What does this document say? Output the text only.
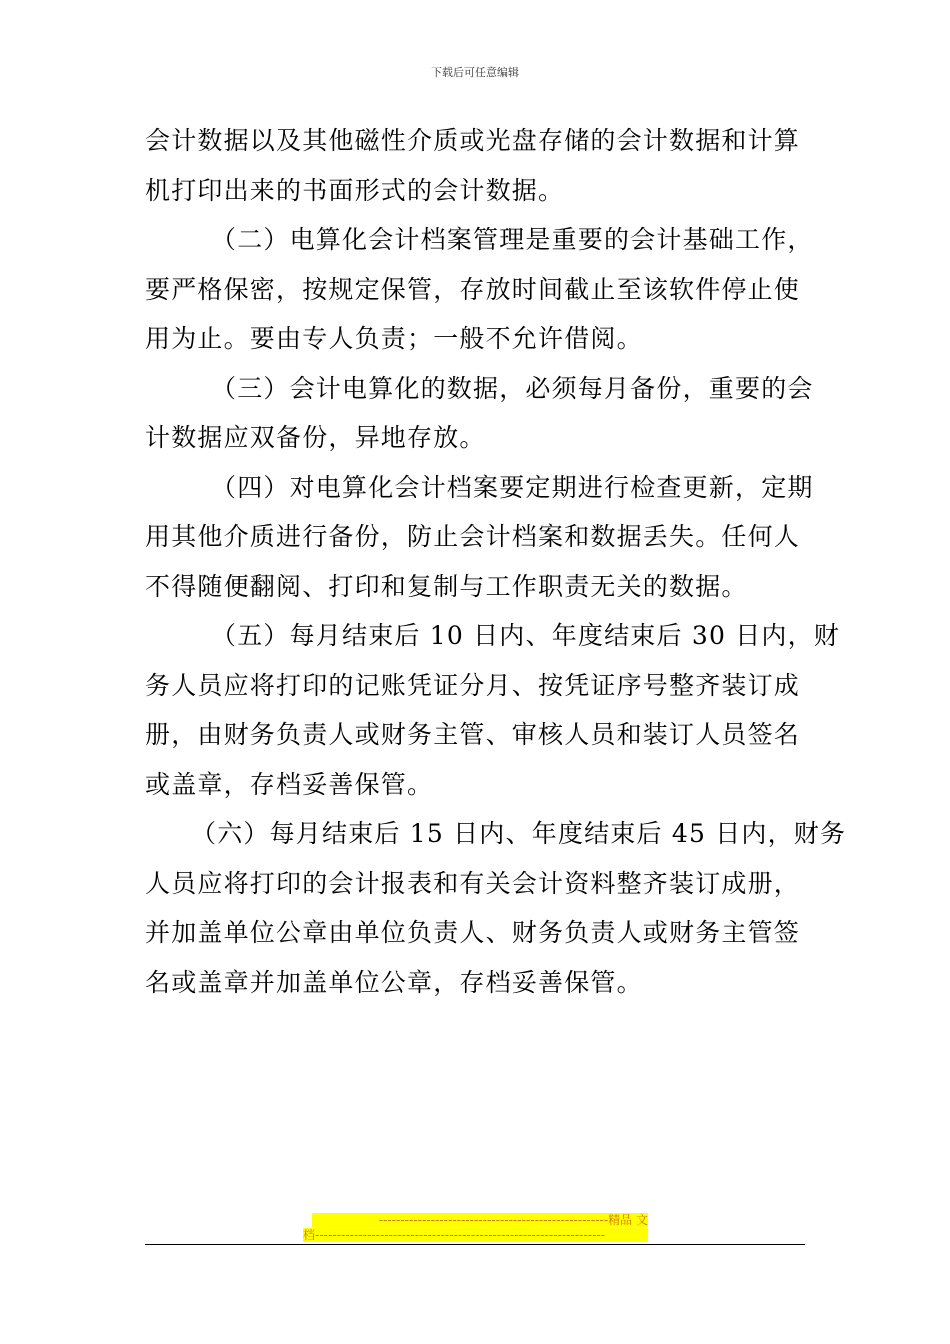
下载后可任意编辑
会计数据以及其他磁性介质或光盘存储的会计数据和计算
机打印出来的书面形式的会计数据。
（二）电算化会计档案管理是重要的会计基础工作，
要严格保密，按规定保管，存放时间截止至该软件停止使
用为止。要由专人负责；一般不允许借阅。
（三）会计电算化的数据，必须每月备份，重要的会
计数据应双备份，异地存放。
（四）对电算化会计档案要定期进行检查更新，定期
用其他介质进行备份，防止会计档案和数据丢失。任何人
不得随便翻阅、打印和复制与工作职责无关的数据。
（五）每月结束后 10 日内、年度结束后 30 日内，财
务人员应将打印的记账凭证分月、按凭证序号整齐装订成
册，由财务负责人或财务主管、审核人员和装订人员签名
或盖章，存档妥善保管。
（六）每月结束后 15 日内、年度结束后 45 日内，财务
人员应将打印的会计报表和有关会计资料整齐装订成册，
并加盖单位公章由单位负责人、财务负责人或财务主管签
名或盖章并加盖单位公章，存档妥善保管。
-----------------------------------------------------精品 文
档-------------------------------------------------------------------
